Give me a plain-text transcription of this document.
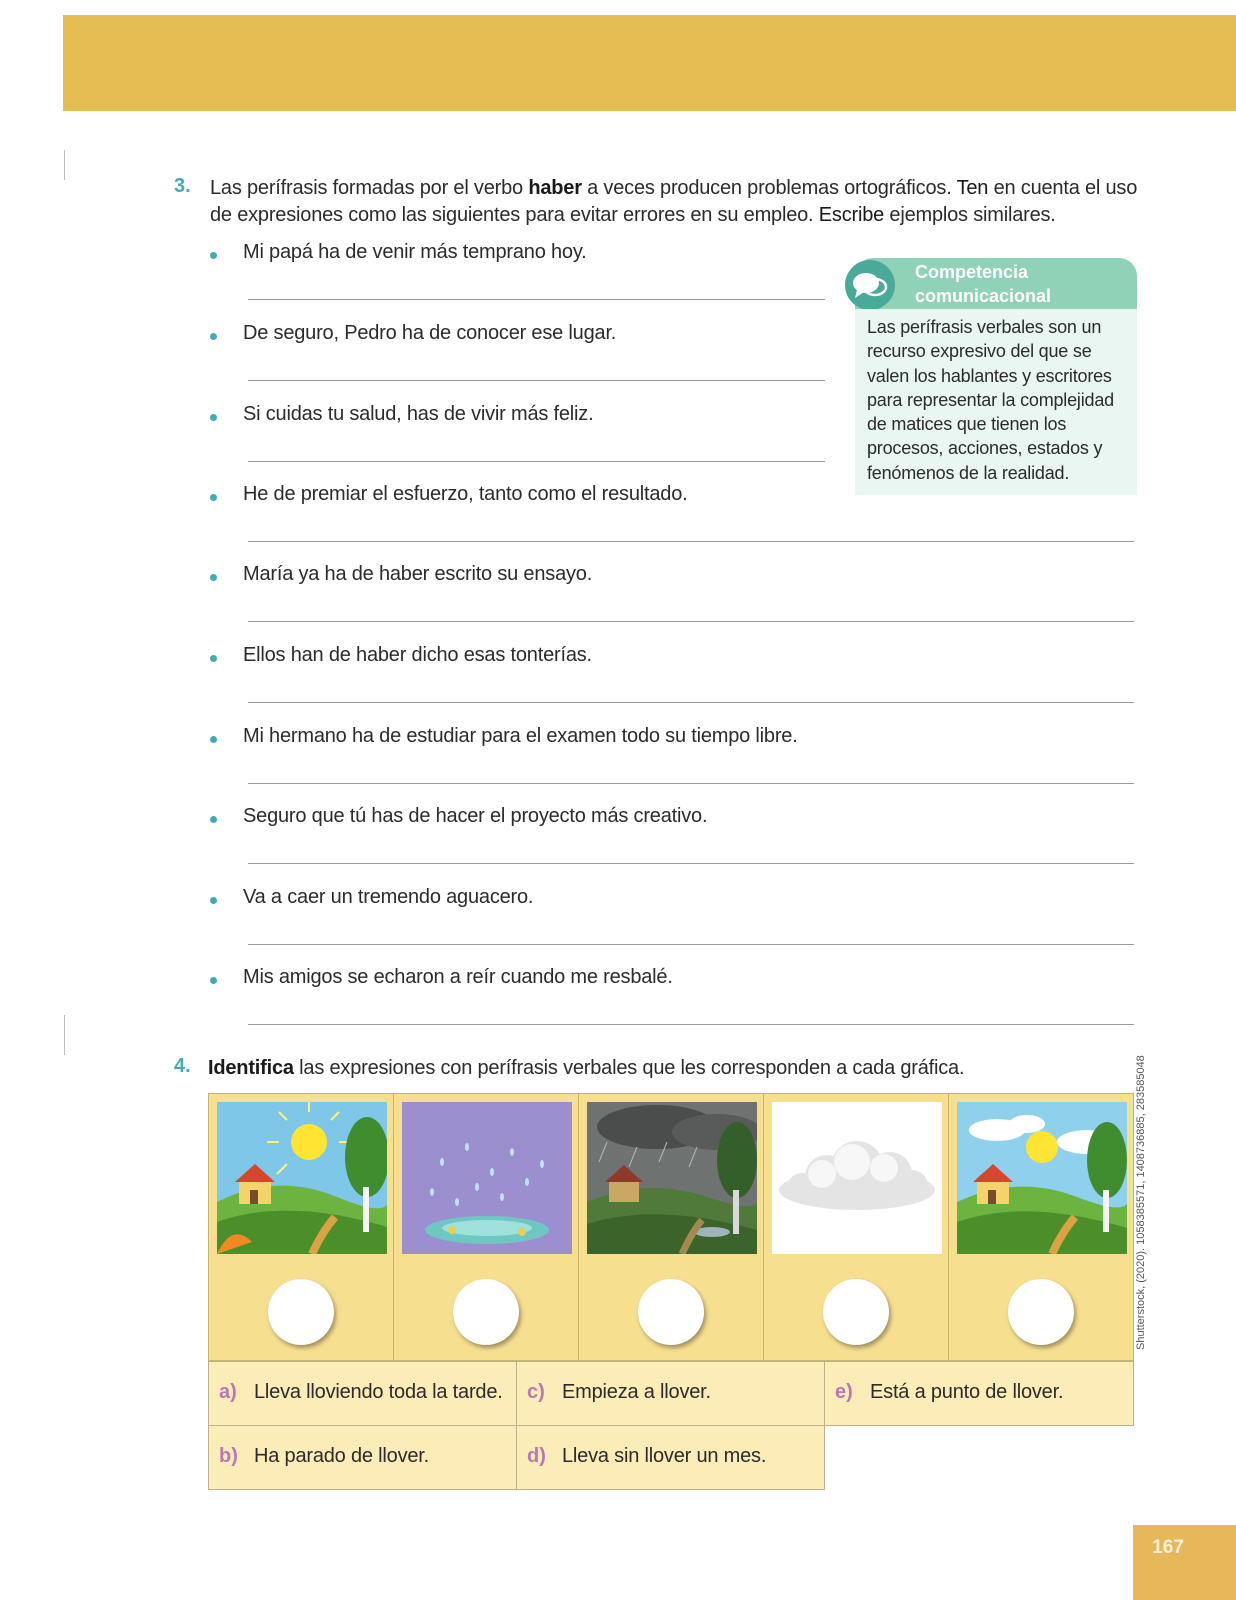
3. Las perífrasis formadas por el verbo haber a veces producen problemas ortográficos. Ten en cuenta el uso de expresiones como las siguientes para evitar errores en su empleo. Escribe ejemplos similares.
Mi papá ha de venir más temprano hoy.
De seguro, Pedro ha de conocer ese lugar.
Si cuidas tu salud, has de vivir más feliz.
He de premiar el esfuerzo, tanto como el resultado.
María ya ha de haber escrito su ensayo.
Ellos han de haber dicho esas tonterías.
Mi hermano ha de estudiar para el examen todo su tiempo libre.
Seguro que tú has de hacer el proyecto más creativo.
Va a caer un tremendo aguacero.
Mis amigos se echaron a reír cuando me resbalé.
Competencia
comunicacional
Las perífrasis verbales son un recurso expresivo del que se valen los hablantes y escritores para representar la complejidad de matices que tienen los procesos, acciones, estados y fenómenos de la realidad.
4. Identifica las expresiones con perífrasis verbales que les corresponden a cada gráfica.
a) Lleva lloviendo toda la tarde. c) Empieza a llover.	e) Está a punto de llover.
b) Ha parado de llover.	d) Lleva sin llover un mes.
Shutterstock, (2020). 1058385571, 1408736885, 283585048
167
